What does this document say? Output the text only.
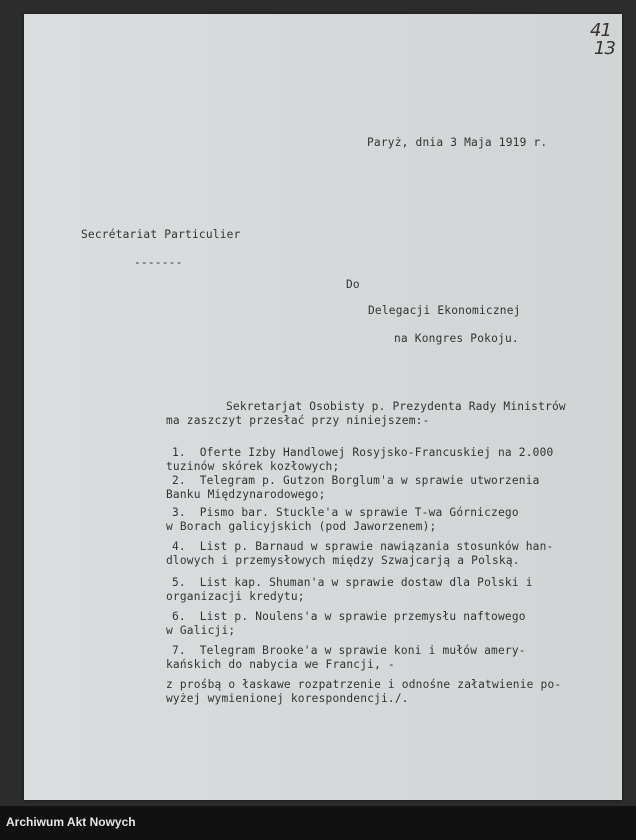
41
13
Paryż, dnia 3 Maja 1919 r.
Secrétariat Particulier
-------
Do
Delegacji Ekonomicznej
na Kongres Pokoju.
Sekretarjat Osobisty p. Prezydenta Rady Ministrów
ma zaszczyt przesłać przy niniejszem:-
1.  Oferte Izby Handlowej Rosyjsko-Francuskiej na 2.000
tuzinów skórek kozłowych;
2.  Telegram p. Gutzon Borglum'a w sprawie utworzenia
Banku Międzynarodowego;
3.  Pismo bar. Stuckle'a w sprawie T-wa Górniczego
w Borach galicyjskich (pod Jaworzenem);
4.  List p. Barnaud w sprawie nawiązania stosunków han-
dlowych i przemysłowych między Szwajcarją a Polską.
5.  List kap. Shuman'a w sprawie dostaw dla Polski i
organizacji kredytu;
6.  List p. Noulens'a w sprawie przemysłu naftowego
w Galicji;
7.  Telegram Brooke'a w sprawie koni i mułów amery-
kańskich do nabycia we Francji, -
z prośbą o łaskawe rozpatrzenie i odnośne załatwienie po-
wyżej wymienionej korespondencji./.
Archiwum Akt Nowych
